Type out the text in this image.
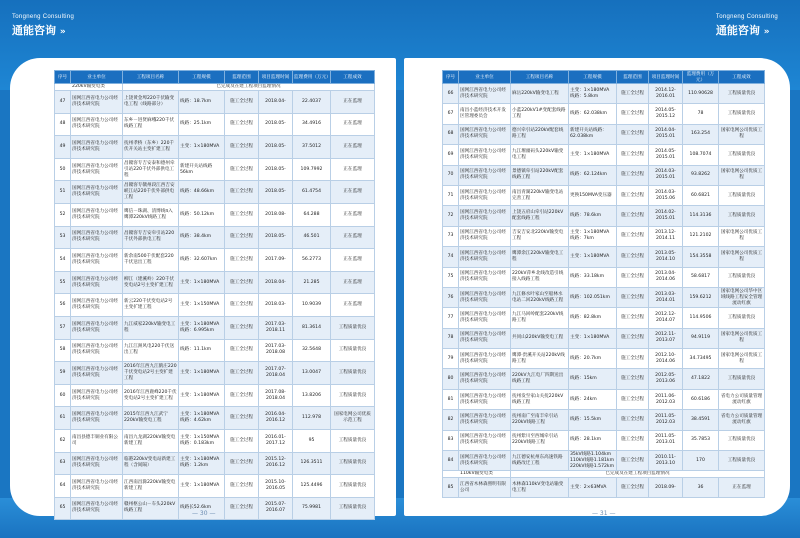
Tongneng Consulting
通能咨询 »
序号	业主单位	工程项目名称	工程规模	监理范围	项目监理时间	监理费用（万元）	工程成效
220kV输变电类		已完成及在建工程项目监理情况					
47	国网江西省电力公司经济技术研究院	上饶黄金埠220千伏输变电工程（线路部分）	线路：18.7km	施工全过程	2018.04-	22.4037	正在监理
48	国网江西省电力公司经济技术研究院	东乡－进贤麻峨220千伏线路工程	线路：25.1km	施工全过程	2018.05-	34.4916	正在监理
49	国网江西省电力公司经济技术研究院	抚州孝桥（东乡）220千伏开关站主变扩建工程	主变：1×180MVA	施工全过程	2018.05-	37.5012	正在监理
50	国网江西省电力公司经济技术研究院	昌赣客专吉安泰和德州牵引站220千伏外部供电工程	新建开关站线路56km	施工全过程	2018.05-	109.7992	正在监理
51	国网江西省电力公司经济技术研究院	昌赣客专赣州段江西吉安峡江站220千伏外部供电工程	线路：48.66km	施工全过程	2018.05-	61.4754	正在监理
52	国网江西省电力公司经济技术研究院	鹰信－珠湖、清博线π入鹰潭220kV线路工程	线路：50.12km	施工全过程	2018.08-	64.288	正在监理
53	国网江西省电力公司经济技术研究院	昌赣客专吉安牵引站220千伏外部供电工程	线路：38.4km	施工全过程	2018.05-	46.501	正在监理
54	国网江西省电力公司经济技术研究院	新余南500千伏配套220千伏送出工程	线路：32.607km	施工全过程	2017.09-	56.2773	正在监理
55	国网江西省电力公司经济技术研究院	柳江（建溪岭）220千伏变电站2号主变扩建工程	主变：1×180MVA	施工全过程	2018.04-	21.285	正在监理
56	国网江西省电力公司经济技术研究院	新云220千伏变电站2号主变扩建工程	主变：1×150MVA	施工全过程	2018.03-	10.9039	正在监理
57	国网江西省电力公司经济技术研究院	九江威家220kV输变电工程	主变：1×180MVA 线路：6.995km	施工全过程	2017.03-2018.11	81.3614	工程质量优良
58	国网江西省电力公司经济技术研究院	九江江洲风电220千伏送出工程	线路：11.1km	施工全过程	2017.03-2018.08	32.5648	工程质量优良
59	国网江西省电力公司经济技术研究院	2016年江西九江鹤庄220千伏变电站2号主变扩建工程	主变：1×180MVA	施工全过程	2017.07-2018.04	13.0047	工程质量优良
60	国网江西省电力公司经济技术研究院	2016年江西鹿峰220千伏变电站2号主变扩建工程	主变：1×180MVA	施工全过程	2017.08-2018.04	13.8206	工程质量优良
61	国网江西省电力公司经济技术研究院	2015年江西九江武宁220kV输变电工程	主变：1×180MVA 线路：4.62km	施工全过程	2016.04-2016.12	112.978	国家电网公司优质示范工程
62	南昌县德丰铜业有限公司	南昌九龙湖220kV输变电新建工程	主变：1×150MVA 线路：0.183km	施工全过程	2016.01-2017.12	95	工程质量优良
63	国网江西省电力公司经济技术研究院	临港220kV变电站新建工程（含间隔）	主变：1×180MVA 线路：1.2km	施工全过程	2015.12-2016.12	126.3511	工程质量优良
64	国网江西省电力公司经济技术研究院	江西南昌滁220kV输变电新建工程	主变：1×180MVA	施工全过程	2015.10-2016.05	125.4496	工程质量优良
65	国网江西省电力公司经济技术研究院	赣州枢公山－车头220kV线路工程	线路长52.6km	施工全过程	2015.07-2016.07	75.9981	工程质量优良
— 30 —
Tongneng Consulting
通能咨询 »
序号	业主单位	工程项目名称	工程规模	监理范围	项目监理时间	监理费用（万元）	工程成效
66	国网江西省电力公司经济技术研究院	麻岳220kV输变电工程	主变：1×180MVA 线路：5.8km	施工全过程	2014.12-2016.01	110.90628	工程质量优良
67	南昌小蓝经济技术开发区管理委员会	小蓝220kV1#变配套线路工程	线路：62.038km	施工全过程	2014.05-2015.12	78	工程质量优良
68	国网江西省电力公司经济技术研究院	德兴牵引站220kV配套线路工程	新建开关站线路：62.038km	施工全过程	2014.04-2015.01	163.254	国家电网公司优质工程
69	国网江西省电力公司经济技术研究院	九江堰頭码头220kV输变电工程	主变：1×180MVA	施工全过程	2014.05-2015.01	108.7074	工程质量优良
70	国网江西省电力公司经济技术研究院	景德镇牵引站220kV配套线路工程	线路：62.124km	施工全过程	2014.03-2015.01	93.8262	国家电网公司优质工程
71	国网江西省电力公司经济技术研究院	南昌青湖220kV输变电站完善工程	更换150MVA变压器	施工全过程	2014.03-2015.06	60.6821	工程质量优良
72	国网江西省电力公司经济技术研究院	上饶五府山牵引站220kV配套线路工程	线路：78.6km	施工全过程	2014.02-2015.01	114.3136	工程质量优良
73	国网江西省电力公司经济技术研究院	吉安吉安北220kV输变电工程	主变：1×180MVA 线路：7km	施工全过程	2013.12-2014.11	121.2102	国家电网公司优质工程
74	国网江西省电力公司经济技术研究院	鹰潭余江220kV输变电工程	主变：1×180MVA	施工全过程	2013.05-2014.10	154.3558	国家电网公司优质工程
75	国网江西省电力公司经济技术研究院	220kV萍乡北线改造引线接入线路工程	线路：33.18km	施工全过程	2013.04-2014.06	58.6817	工程质量优良
76	国网江西省电力公司经济技术研究院	九江修水叶家山至船林水电站二回220kV线路工程	线路：102.051km	施工全过程	2013.03-2014.01	159.6212	国家电网公司华中区域线路工程安全管理流动红旗
77	国网江西省电力公司经济技术研究院	九江马回岭配套220kV线路工程	线路：82.8km	施工全过程	2012.12-2014.07	114.9506	工程质量优良
78	国网江西省电力公司经济技术研究院	共同山220kV输变电工程	主变：1×180MVA	施工全过程	2012.11-2013.07	94.9119	国家电网公司优质工程
79	国网江西省电力公司经济技术研究院	鹰潭·贵溪开关站220kV线路工程	线路：20.7km	施工全过程	2012.10-2014.06	34.73495	国家电网公司优质工程
80	国网江西省电力公司经济技术研究院	220kV九江电厂四期送出线路工程	线路：15km	施工全过程	2012.05-2013.06	47.1822	工程质量优良
81	国网江西省电力公司经济技术研究院	抚州发至家山关抚220kV线路工程	线路：24km	施工全过程	2011.06-2012.03	60.6186	省电力公司质量管理流动红旗
82	国网江西省电力公司经济技术研究院	抚州南广至南丰牵引站220kV线路工程	线路：15.5km	施工全过程	2011.05-2012.03	38.4591	省电力公司质量管理流动红旗
83	国网江西省电力公司经济技术研究院	抚州紫川至西城牵引站220kV线路工程	线路：28.1km	施工全过程	2011.05-2013.01	35.7853	工程质量优良
84	国网江西省电力公司经济技术研究院	九江德安杭州东高速铁路线路改迁工程	35kV线路1.104km 110kV线路1.181km 220kV线路1.572km	施工全过程	2010.11-2013.10	170	工程质量优良
110kV输变电类		已完成及在建工程项目监理情况					
85	江西省木林森照明有限公司	木林森110kV变电站输变电工程	主变：2×63MVA	施工全过程	2018.09-	36	正在监理
— 31 —
